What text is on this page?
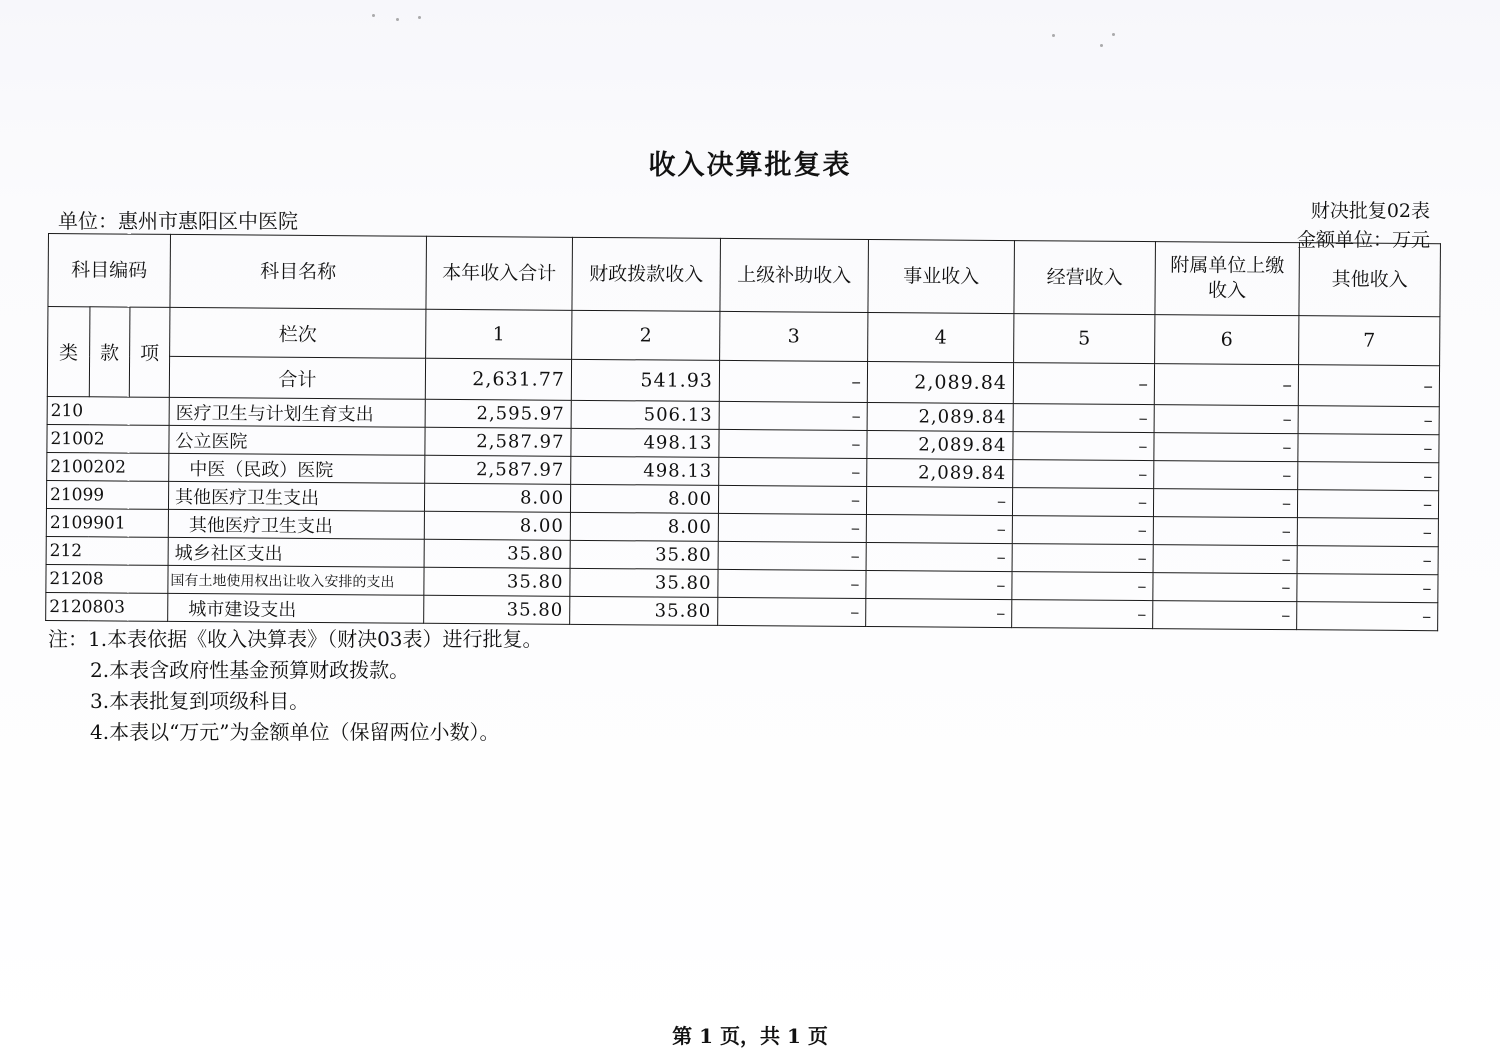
收入决算批复表
单位：惠州市惠阳区中医院	财决批复02表
金额单位：万元
科目编码			科目名称	本年收入合计	财政拨款收入	上级补助收入	事业收入	经营收入	附属单位上缴收入	其他收入
类	款	项	栏次	1	2	3	4	5	6	7
			合计	2,631.77	541.93	–	2,089.84	–	–	–
210			医疗卫生与计划生育支出	2,595.97	506.13	–	2,089.84	–	–	–
21002			公立医院	2,587.97	498.13	–	2,089.84	–	–	–
2100202			中医（民政）医院	2,587.97	498.13	–	2,089.84	–	–	–
21099			其他医疗卫生支出	8.00	8.00	–	–	–	–	–
2109901			其他医疗卫生支出	8.00	8.00	–	–	–	–	–
212			城乡社区支出	35.80	35.80	–	–	–	–	–
21208			国有土地使用权出让收入安排的支出	35.80	35.80	–	–	–	–	–
2120803			城市建设支出	35.80	35.80	–	–	–	–	–
注：1.本表依据《收入决算表》（财决03表）进行批复。
2.本表含政府性基金预算财政拨款。
3.本表批复到项级科目。
4.本表以“万元”为金额单位（保留两位小数）。
第 1 页，共 1 页
